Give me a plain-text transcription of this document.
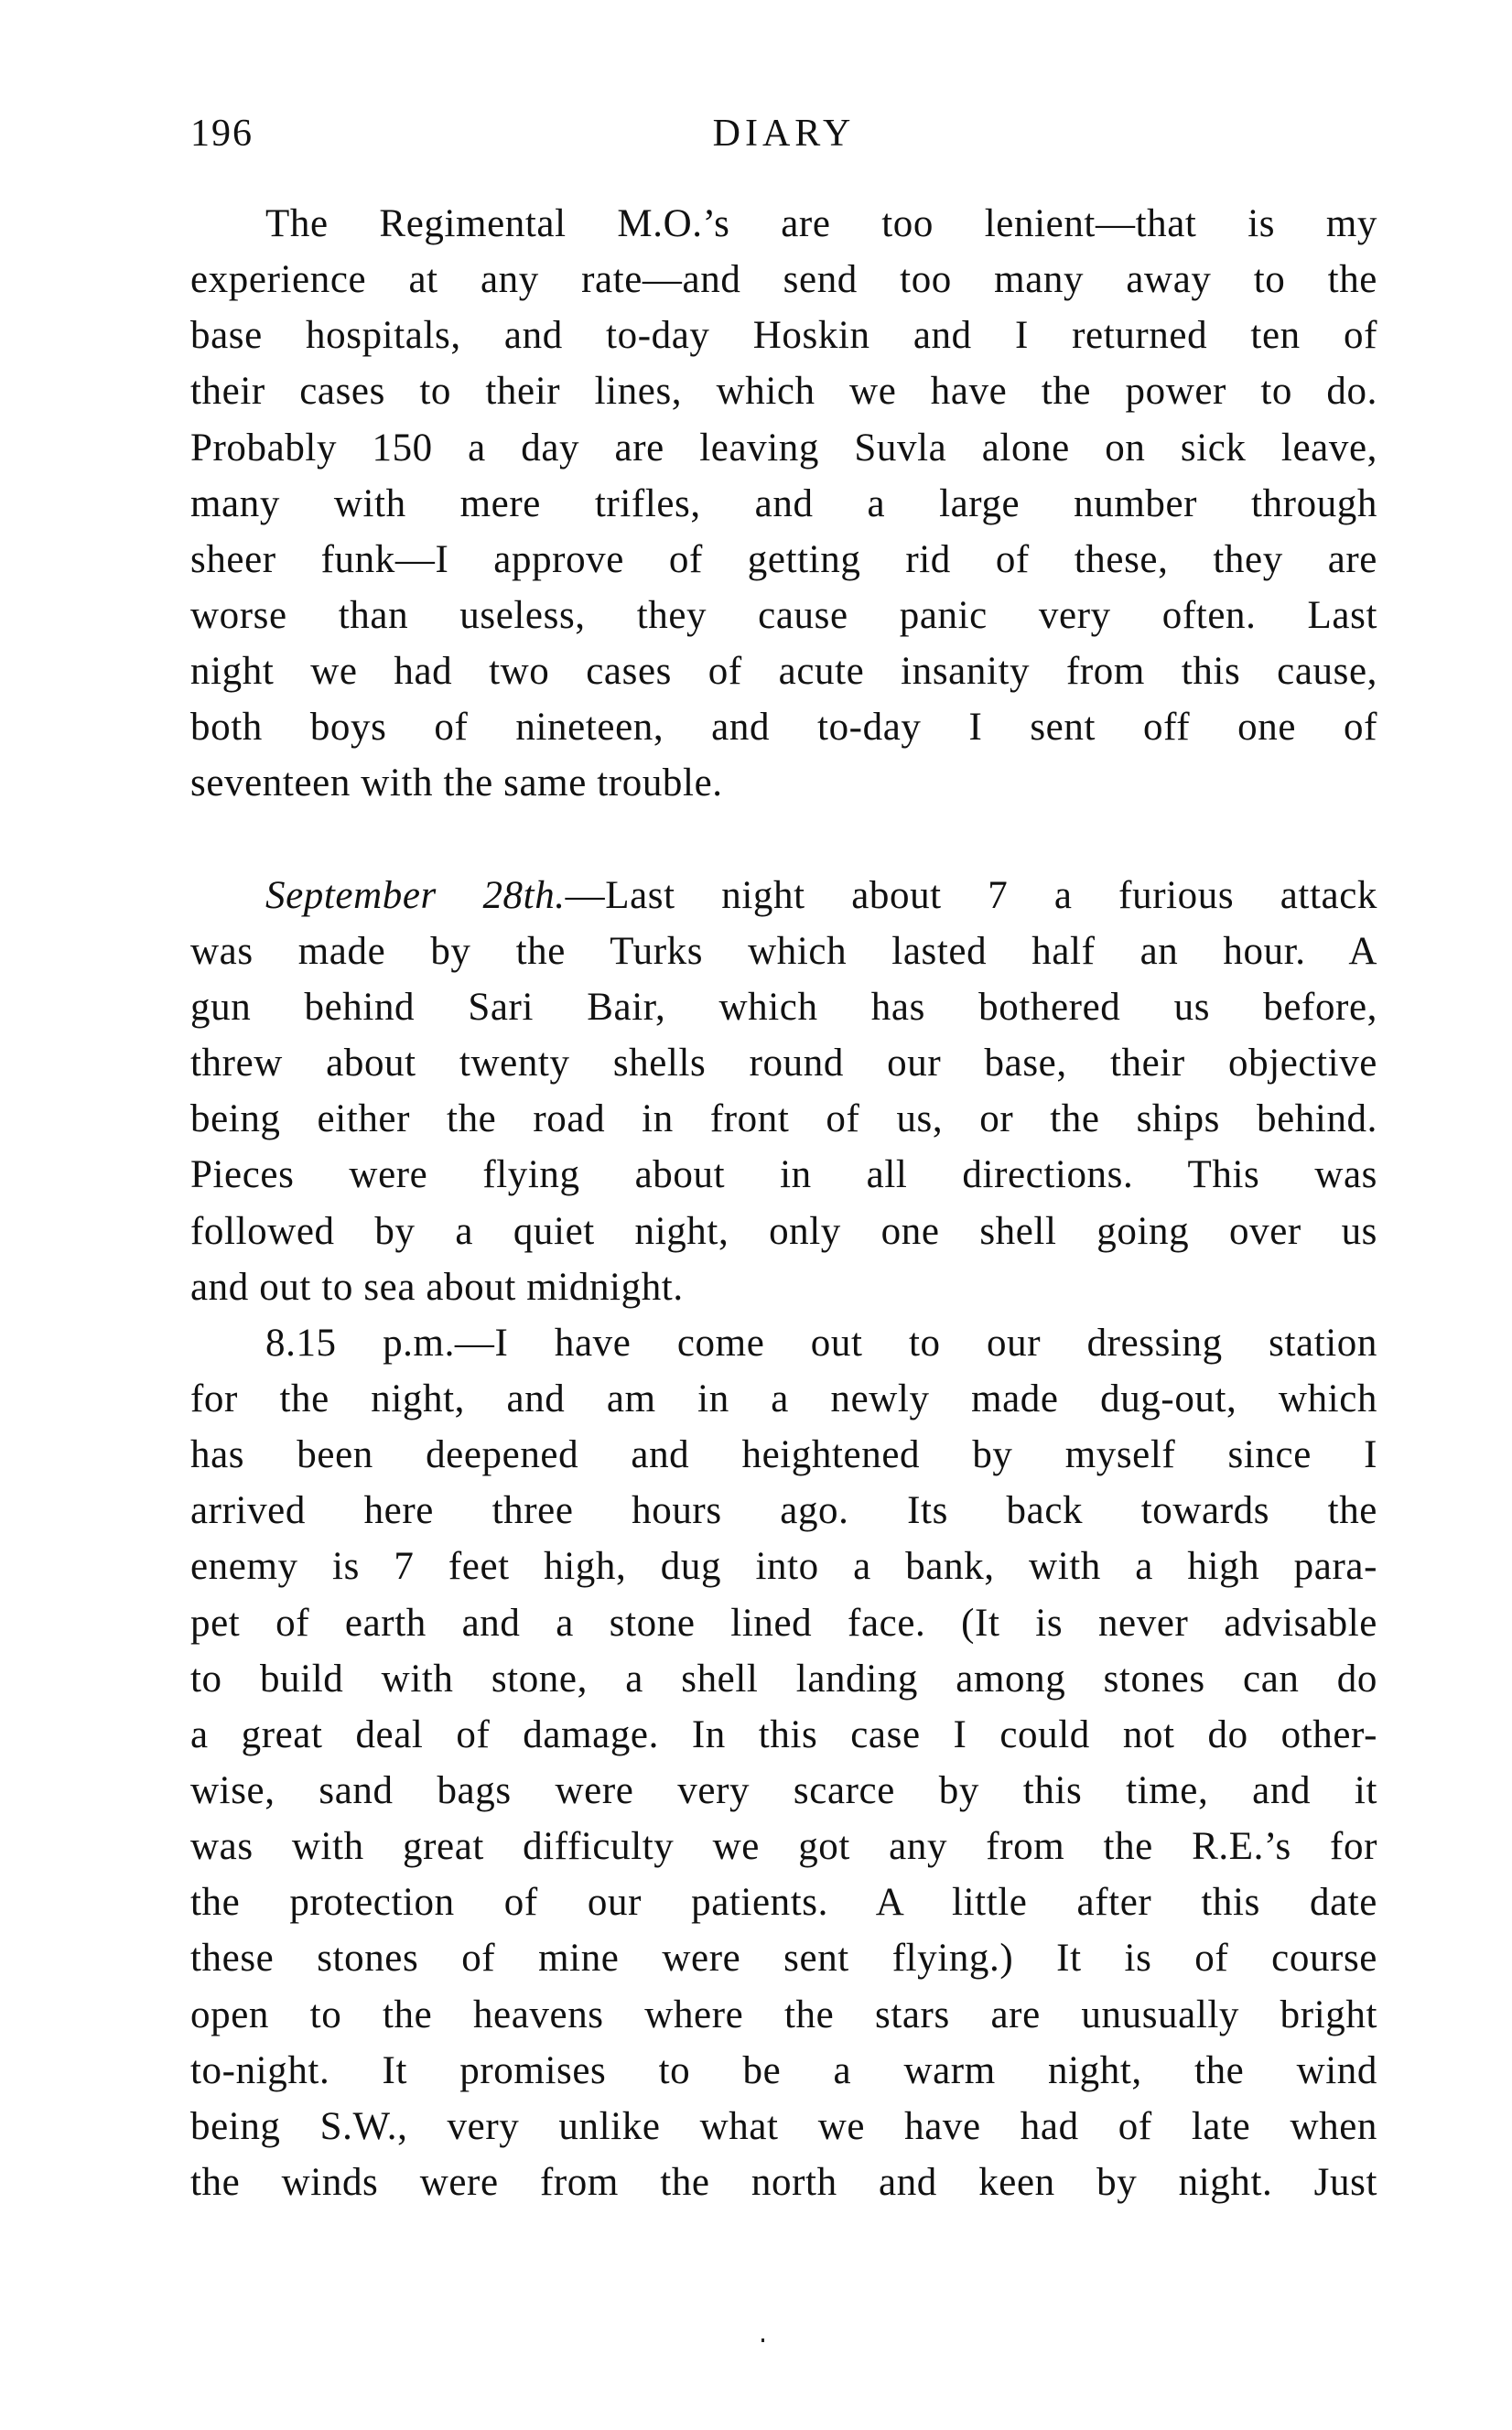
196	DIARY
The Regimental M.O.’s are too lenient—that is my
experience at any rate—and send too many away to the
base hospitals, and to-day Hoskin and I returned ten of
their cases to their lines, which we have the power to do.
Probably 150 a day are leaving Suvla alone on sick leave,
many with mere trifles, and a large number through
sheer funk—I approve of getting rid of these, they are
worse than useless, they cause panic very often. Last
night we had two cases of acute insanity from this cause,
both boys of nineteen, and to-day I sent off one of
seventeen with the same trouble.
September 28th.—Last night about 7 a furious attack
was made by the Turks which lasted half an hour. A
gun behind Sari Bair, which has bothered us before,
threw about twenty shells round our base, their objective
being either the road in front of us, or the ships behind.
Pieces were flying about in all directions. This was
followed by a quiet night, only one shell going over us
and out to sea about midnight.
8.15 p.m.—I have come out to our dressing station
for the night, and am in a newly made dug-out, which
has been deepened and heightened by myself since I
arrived here three hours ago. Its back towards the
enemy is 7 feet high, dug into a bank, with a high para-
pet of earth and a stone lined face. (It is never advisable
to build with stone, a shell landing among stones can do
a great deal of damage. In this case I could not do other-
wise, sand bags were very scarce by this time, and it
was with great difficulty we got any from the R.E.’s for
the protection of our patients. A little after this date
these stones of mine were sent flying.) It is of course
open to the heavens where the stars are unusually bright
to-night. It promises to be a warm night, the wind
being S.W., very unlike what we have had of late when
the winds were from the north and keen by night. Just
